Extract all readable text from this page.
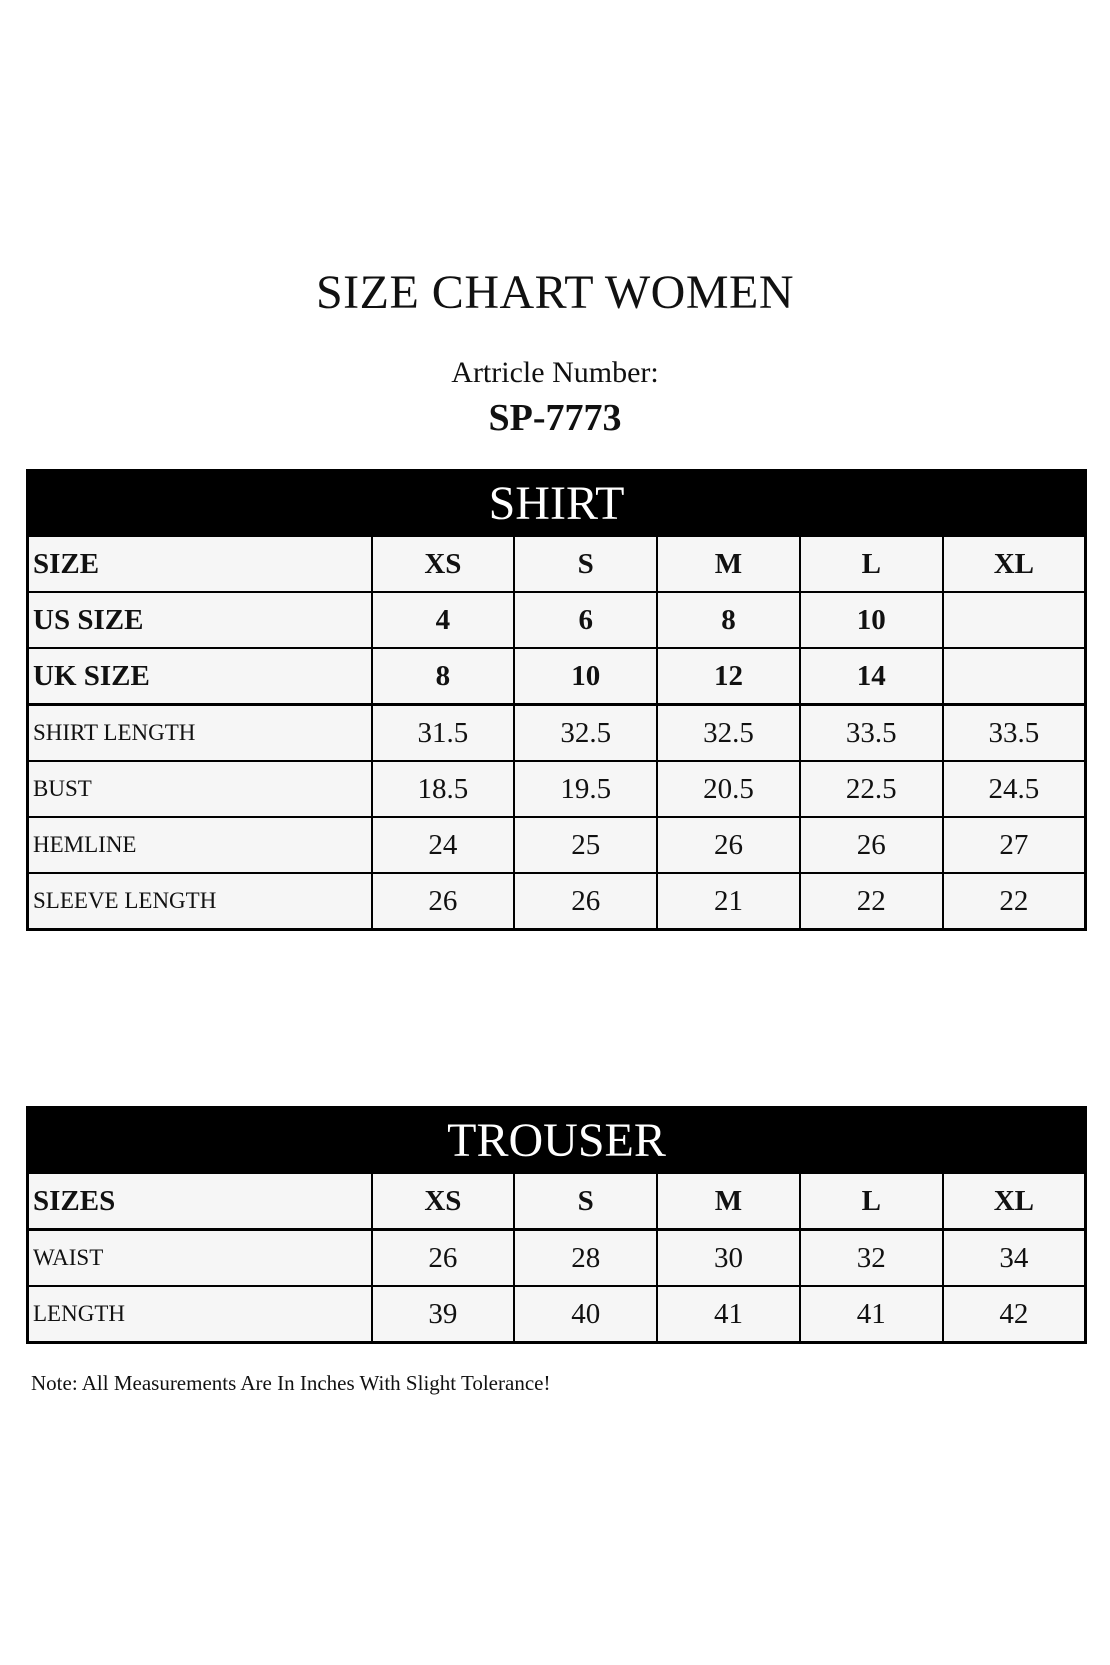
SIZE CHART WOMEN
Artricle Number:
SP-7773
SHIRT					
SIZE	XS	S	M	L	XL
US SIZE	4	6	8	10	
UK SIZE	8	10	12	14	
SHIRT LENGTH	31.5	32.5	32.5	33.5	33.5
BUST	18.5	19.5	20.5	22.5	24.5
HEMLINE	24	25	26	26	27
SLEEVE LENGTH	26	26	21	22	22
TROUSER					
SIZES	XS	S	M	L	XL
WAIST	26	28	30	32	34
LENGTH	39	40	41	41	42
Note: All Measurements Are In Inches With Slight Tolerance!
